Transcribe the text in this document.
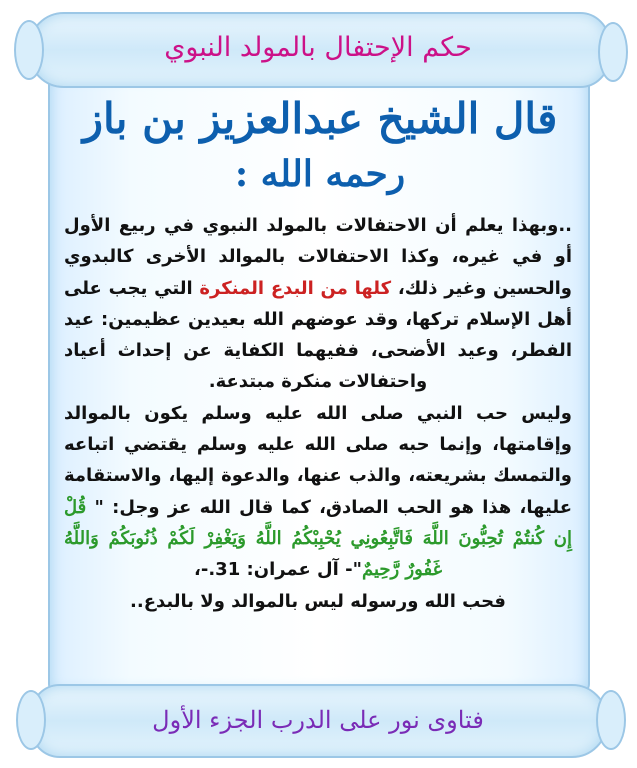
حكم الإحتفال بالمولد النبوي
قال الشيخ عبدالعزيز بن باز
رحمه الله :

..وبهذا يعلم أن الاحتفالات بالمولد النبوي في ربيع الأول أو في غيره، وكذا الاحتفالات بالموالد الأخرى كالبدوي والحسين وغير ذلك، كلها من البدع المنكرة التي يجب على أهل الإسلام تركها، وقد عوضهم الله بعيدين عظيمين: عيد الفطر، وعيد الأضحى، ففيهما الكفاية عن إحداث أعياد واحتفالات منكرة مبتدعة.

وليس حب النبي صلى الله عليه وسلم يكون بالموالد وإقامتها، وإنما حبه صلى الله عليه وسلم يقتضي اتباعه والتمسك بشريعته، والذب عنها، والدعوة إليها، والاستقامة عليها، هذا هو الحب الصادق، كما قال الله عز وجل: " قُلْ إِن كُنتُمْ تُحِبُّونَ اللَّهَ فَاتَّبِعُونِي يُحْبِبْكُمُ اللَّهُ وَيَغْفِرْ لَكُمْ ذُنُوبَكُمْ وَاللَّهُ غَفُورٌ رَّحِيمٌ"- آل عمران: 31.-،

فحب الله ورسوله ليس بالموالد ولا بالبدع..

فتاوى نور على الدرب الجزء الأول
